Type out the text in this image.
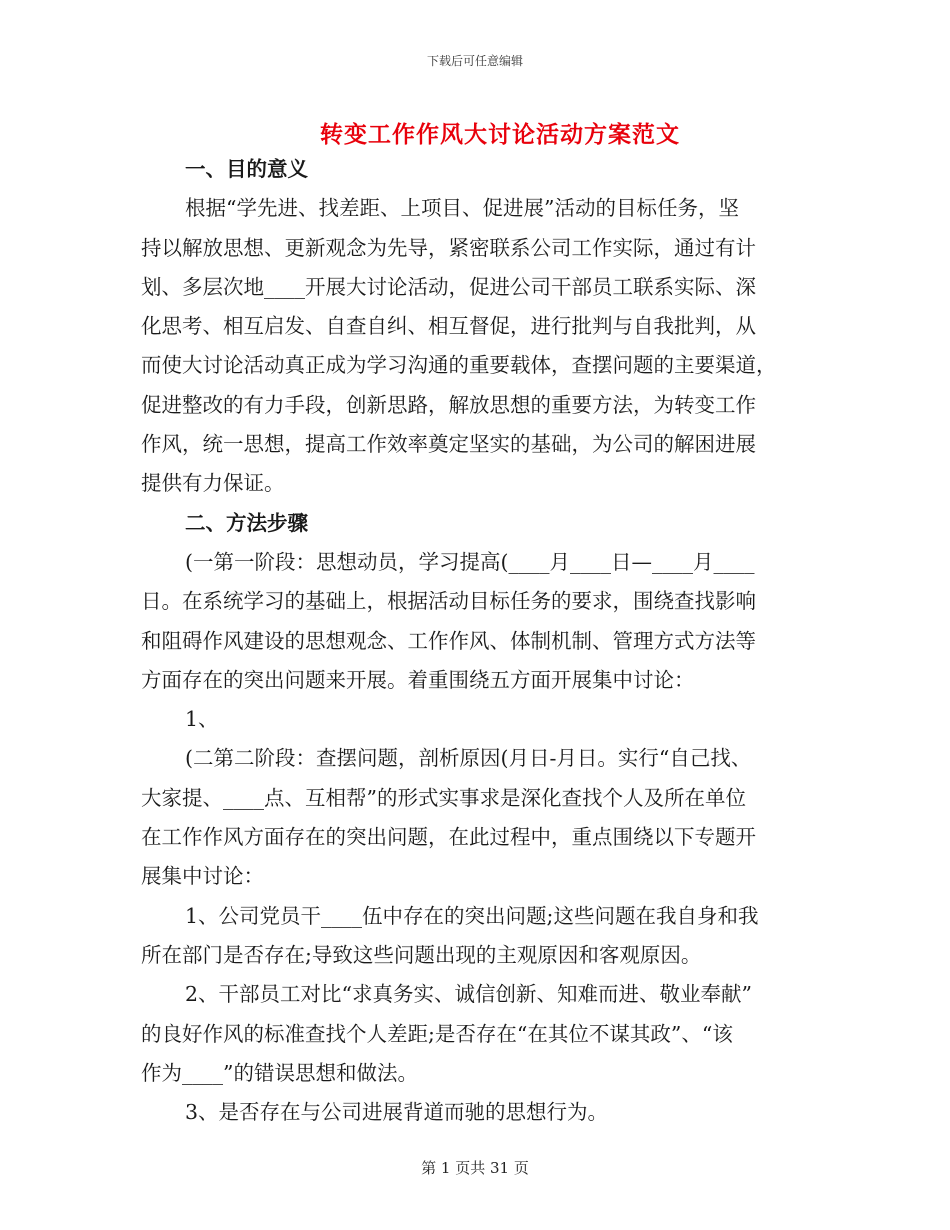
下载后可任意编辑
转变工作作风大讨论活动方案范文
一、目的意义
根据“学先进、找差距、上项目、促进展”活动的目标任务，坚
持以解放思想、更新观念为先导，紧密联系公司工作实际，通过有计
划、多层次地____开展大讨论活动，促进公司干部员工联系实际、深
化思考、相互启发、自查自纠、相互督促，进行批判与自我批判，从
而使大讨论活动真正成为学习沟通的重要载体，查摆问题的主要渠道，
促进整改的有力手段，创新思路，解放思想的重要方法，为转变工作
作风，统一思想，提高工作效率奠定坚实的基础，为公司的解困进展
提供有力保证。
二、方法步骤
(一第一阶段：思想动员，学习提高(____月____日—____月____
日。在系统学习的基础上，根据活动目标任务的要求，围绕查找影响
和阻碍作风建设的思想观念、工作作风、体制机制、管理方式方法等
方面存在的突出问题来开展。着重围绕五方面开展集中讨论：
1、
(二第二阶段：查摆问题，剖析原因(月日-月日。实行“自己找、
大家提、____点、互相帮”的形式实事求是深化查找个人及所在单位
在工作作风方面存在的突出问题，在此过程中，重点围绕以下专题开
展集中讨论：
1、公司党员干____伍中存在的突出问题;这些问题在我自身和我
所在部门是否存在;导致这些问题出现的主观原因和客观原因。
2、干部员工对比“求真务实、诚信创新、知难而进、敬业奉献”
的良好作风的标准查找个人差距;是否存在“在其位不谋其政”、“该
作为____”的错误思想和做法。
3、是否存在与公司进展背道而驰的思想行为。
第 1 页共 31 页
